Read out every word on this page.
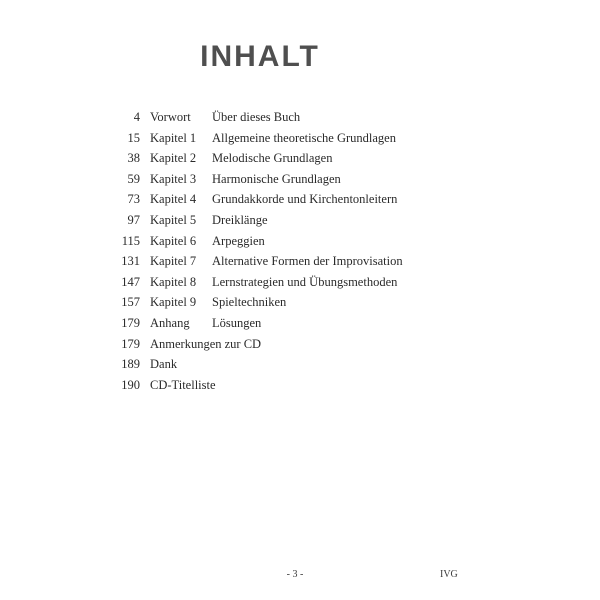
INHALT
4 Vorwort Über dieses Buch
15 Kapitel 1 Allgemeine theoretische Grundlagen
38 Kapitel 2 Melodische Grundlagen
59 Kapitel 3 Harmonische Grundlagen
73 Kapitel 4 Grundakkorde und Kirchentonleitern
97 Kapitel 5 Dreiklänge
115 Kapitel 6 Arpeggien
131 Kapitel 7 Alternative Formen der Improvisation
147 Kapitel 8 Lernstrategien und Übungsmethoden
157 Kapitel 9 Spieltechniken
179 Anhang Lösungen
179 Anmerkungen zur CD
189 Dank
190 CD-Titelliste
- 3 -	IVG
